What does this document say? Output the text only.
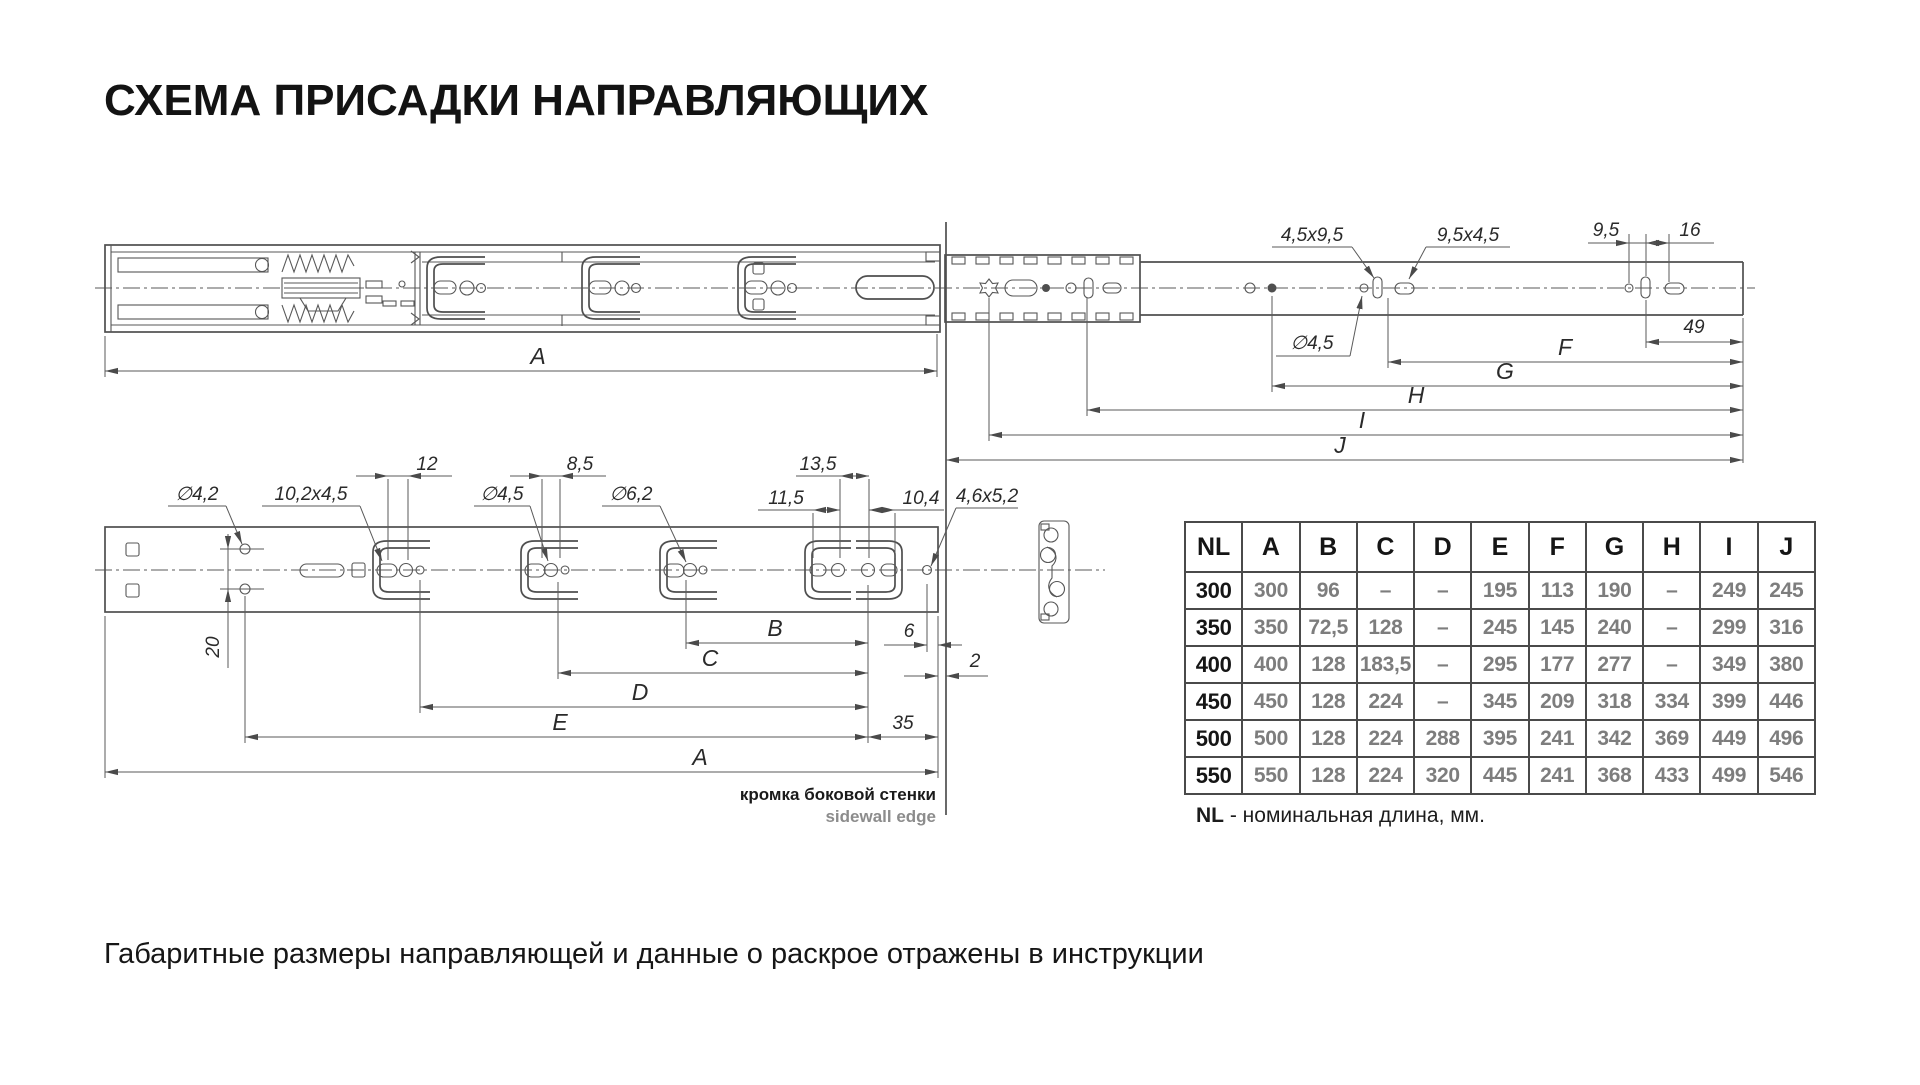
СХЕМА ПРИСАДКИ НАПРАВЛЯЮЩИХ
A
4,5x9,5	9,5x4,5	9,5	16
49
∅4,5	F
G
H
I
J
∅4,2	10,2x4,5	∅4,5	∅6,2	4,6x5,2
12	8,5	13,5
11,5	10,4
20
B
C
D
E	35
6
2
A
кромка боковой стенки
sidewall edge
NL	A	B	C	D	E	F	G	H	I	J
300	300	96	–	–	195	113	190	–	249	245
350	350	72,5	128	–	245	145	240	–	299	316
400	400	128	183,5	–	295	177	277	–	349	380
450	450	128	224	–	345	209	318	334	399	446
500	500	128	224	288	395	241	342	369	449	496
550	550	128	224	320	445	241	368	433	499	546
NL - номинальная длина, мм.
Габаритные размеры направляющей и данные о раскрое отражены в инструкции
